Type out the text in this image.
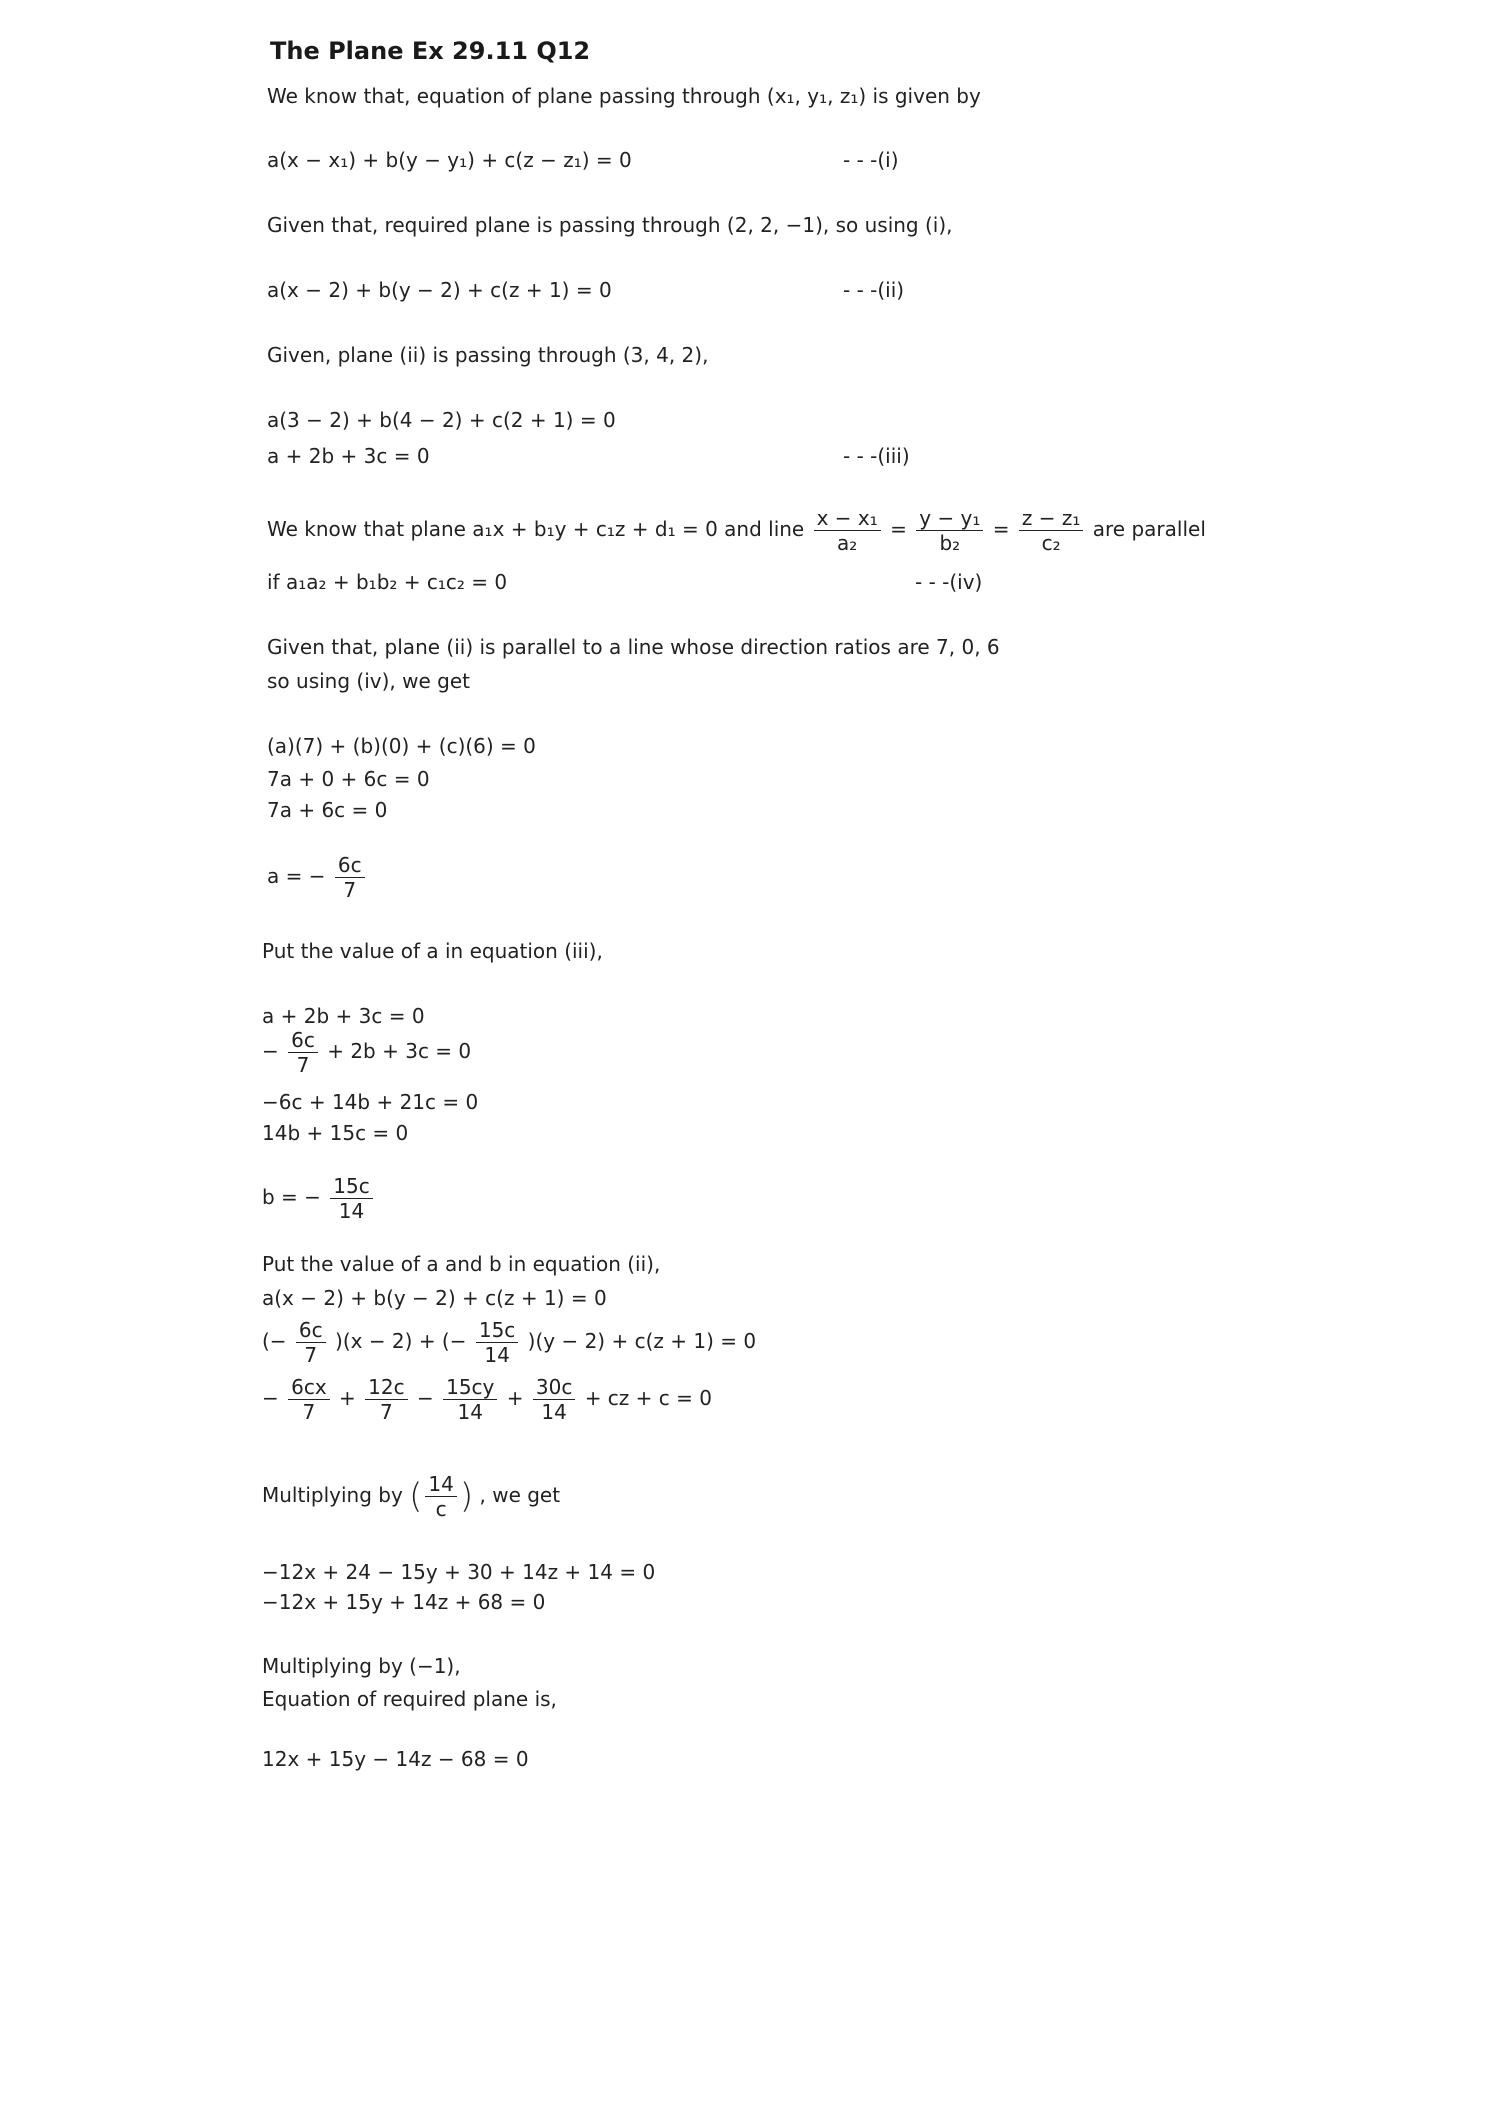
The Plane Ex 29.11 Q12
We know that, equation of plane passing through (x₁, y₁, z₁) is given by
a(x − x₁) + b(y − y₁) + c(z − z₁) = 0	- - -(i)
Given that, required plane is passing through (2, 2, −1), so using (i),
a(x − 2) + b(y − 2) + c(z + 1) = 0	- - -(ii)
Given, plane (ii) is passing through (3, 4, 2),
a(3 − 2) + b(4 − 2) + c(2 + 1) = 0
a + 2b + 3c = 0	- - -(iii)
We know that plane a₁x + b₁y + c₁z + d₁ = 0 and line $\frac{\text{x − x₁}}{\text{a₂}} = \frac{\text{y − y₁}}{\text{b₂}} = \frac{\text{z − z₁}}{\text{c₂}}$ are parallel
if a₁a₂ + b₁b₂ + c₁c₂ = 0	- - -(iv)
Given that, plane (ii) is parallel to a line whose direction ratios are 7, 0, 6
so using (iv), we get
(a)(7) + (b)(0) + (c)(6) = 0
7a + 0 + 6c = 0
7a + 6c = 0
a = − $\frac{6c}{7}$
Put the value of a in equation (iii),
a + 2b + 3c = 0
− $\frac{6c}{7} + 2b + 3c = 0$
−6c + 14b + 21c = 0
14b + 15c = 0
b = − $\frac{15c}{14}$
Put the value of a and b in equation (ii),
a(x − 2) + b(y − 2) + c(z + 1) = 0
(− $\frac{6c}{7} )(x - 2)$ + (− $\frac{15c}{14} )(y - 2) + c(z + 1) = 0$
− $\frac{6cx}{7} + \frac{12c}{7} - \frac{15cy}{14} + \frac{30c}{14}$ + cz + c = 0
Multiplying by ( $\frac{14}{c}$ ) , we get
−12x + 24 − 15y + 30 + 14z + 14 = 0
−12x + 15y + 14z + 68 = 0
Multiplying by (−1),
Equation of required plane is,
12x + 15y − 14z − 68 = 0
